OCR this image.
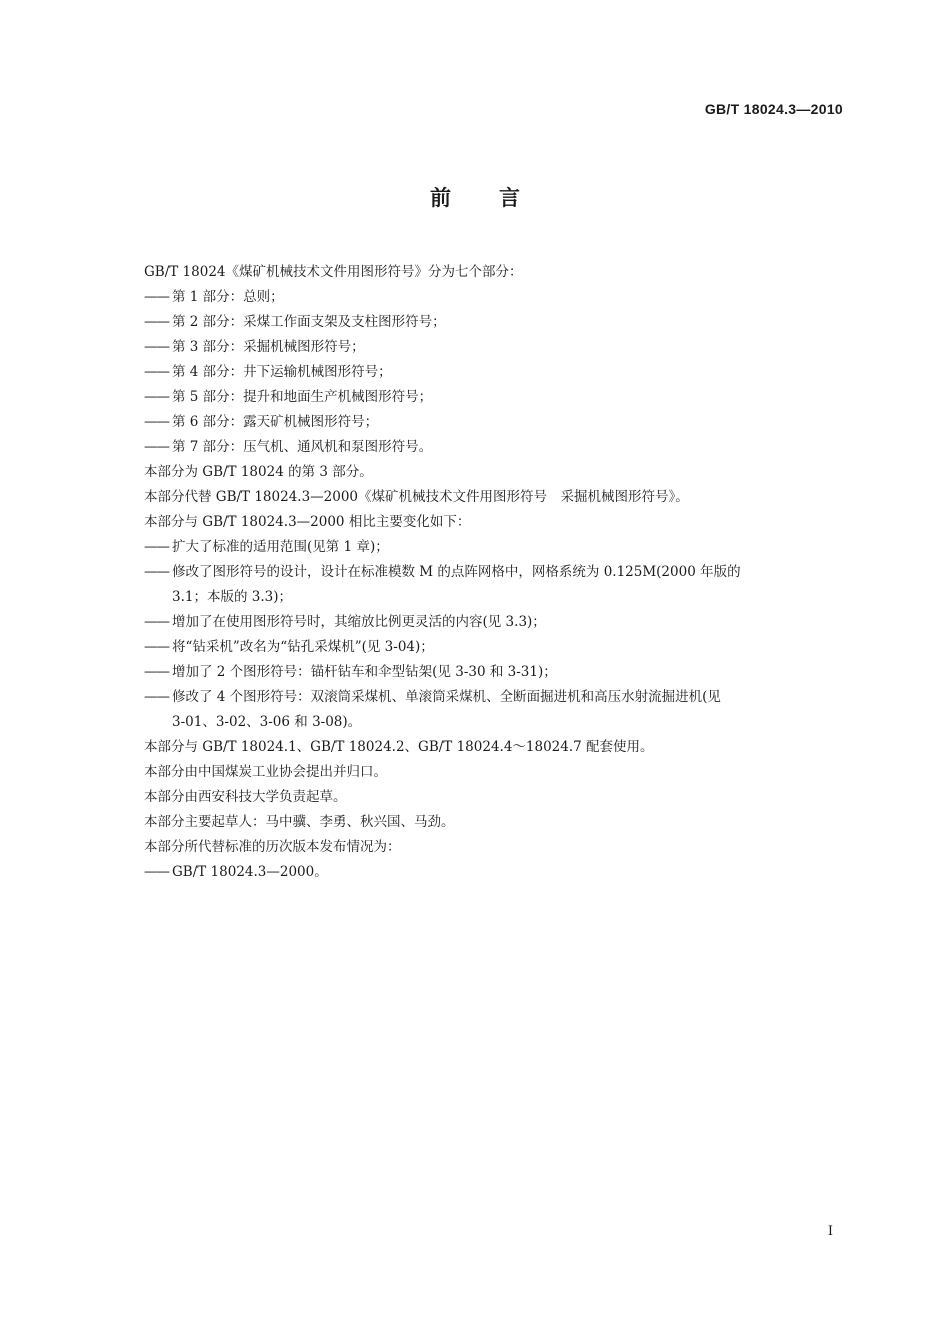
GB/T 18024.3—2010

前言
GB/T 18024《煤矿机械技术文件用图形符号》分为七个部分：
—— 第 1 部分：总则；
—— 第 2 部分：采煤工作面支架及支柱图形符号；
—— 第 3 部分：采掘机械图形符号；
—— 第 4 部分：井下运输机械图形符号；
—— 第 5 部分：提升和地面生产机械图形符号；
—— 第 6 部分：露天矿机械图形符号；
—— 第 7 部分：压气机、通风机和泵图形符号。
本部分为 GB/T 18024 的第 3 部分。
本部分代替 GB/T 18024.3—2000《煤矿机械技术文件用图形符号　采掘机械图形符号》。
本部分与 GB/T 18024.3—2000 相比主要变化如下：
—— 扩大了标准的适用范围(见第 1 章)；
—— 修改了图形符号的设计，设计在标准模数 M 的点阵网格中，网格系统为 0.125M(2000 年版的
3.1；本版的 3.3)；
—— 增加了在使用图形符号时，其缩放比例更灵活的内容(见 3.3)；
—— 将“钻采机”改名为“钻孔采煤机”(见 3-04)；
—— 增加了 2 个图形符号：锚杆钻车和伞型钻架(见 3-30 和 3-31)；
—— 修改了 4 个图形符号：双滚筒采煤机、单滚筒采煤机、全断面掘进机和高压水射流掘进机(见
3-01、3-02、3-06 和 3-08)。
本部分与 GB/T 18024.1、GB/T 18024.2、GB/T 18024.4～18024.7 配套使用。
本部分由中国煤炭工业协会提出并归口。
本部分由西安科技大学负责起草。
本部分主要起草人：马中骥、李勇、秋兴国、马劲。
本部分所代替标准的历次版本发布情况为：
—— GB/T 18024.3—2000。

I
